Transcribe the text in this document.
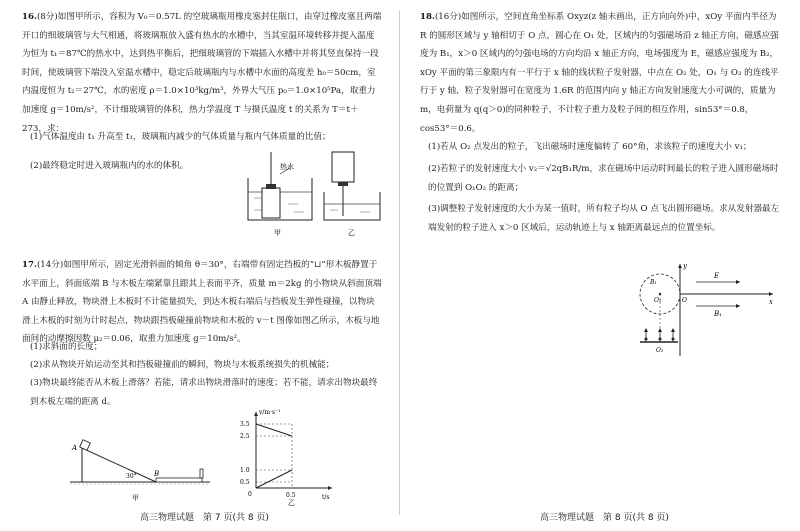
16.(8分)如图甲所示，容积为 V₀＝0.57L 的空玻璃瓶用橡皮塞封住瓶口，由穿过橡皮塞且两端开口的细玻璃管与大气相通，将玻璃瓶放入盛有热水的水槽中，当其室温环境转移并提入温度为恒为 t₁＝87℃的热水中，达到热平衡后，把细玻璃管的下端插入水槽中并将其竖直保持一段时间，使玻璃管下端没入室温水槽中，稳定后玻璃瓶内与水槽中水面的高度差 h₀＝50cm，室内温度恒为 t₂＝27℃，水的密度 ρ＝1.0×10³kg/m³，外界大气压 p₀＝1.0×10⁵Pa，取重力加速度 g＝10m/s²，不计细玻璃管的体积，热力学温度 T 与摄氏温度 t 的关系为 T＝t＋273，求：

(1)气体温度由 t₁ 升高至 t₁，玻璃瓶内减少的气体质量与瓶内气体质量的比值；

(2)最终稳定时进入玻璃瓶内的水的体积。	热水
甲	乙

17.(14分)如图甲所示，固定光滑斜面的倾角 θ＝30°，右端带有固定挡板的“⊔”形木板静置于水平面上，斜面底端 B 与木板左端紧靠且跟其上表面平齐，质量 m＝2kg 的小物块从斜面顶端 A 由静止释放，物块滑上木板时不计能量损失，到达木板右端后与挡板发生弹性碰撞，以物块滑上木板的时刻为计时起点，物块跟挡板碰撞前物块和木板的 v－t 图像如图乙所示，木板与地面间的动摩擦因数 μ₂＝0.06，取重力加速度 g＝10m/s²。

(1)求斜面的长度；

(2)求从物块开始运动至其和挡板碰撞前的瞬间，物块与木板系统损失的机械能；

(3)物块最终能否从木板上滑落？若能，请求出物块滑落时的速度；若不能，请求出物块最终到木板左端的距离 d。

A
B
30°
甲
v/m·s⁻¹
t/s
0
3.5
2.5
1.0
0.5
0.5
乙
高三物理试题　第 7 页(共 8 页)

18.(16分)如图所示，空间直角坐标系 Oxyz(z 轴未画出，正方向向外)中，xOy 平面内半径为 R 的圆形区域与 y 轴相切于 O 点，圆心在 O₁ 处，区域内的匀强磁场沿 z 轴正方向，磁感应强度为 B₁，x＞0 区域内的匀强电场的方向均沿 x 轴正方向，电场强度为 E，磁感应强度为 B₂，xOy 平面的第三象限内有一平行于 x 轴的线状粒子发射器，中点在 O₂ 处，O₁ 与 O₂ 的连线平行于 y 轴，粒子发射器可在宽度为 1.6R 的范围内向 y 轴正方向发射速度大小可调的，质量为 m，电荷量为 q(q＞0)的同种粒子，不计粒子重力及粒子间的相互作用，sin53°＝0.8，cos53°＝0.6。

(1)若从 O₂ 点发出的粒子，飞出磁场时速度偏转了 60°角，求该粒子的速度大小 v₁；

(2)若粒子的发射速度大小 v₂＝√2qB₁R/m，求在磁场中运动时间最长的粒子进入圆形磁场时的位置到 O₁O₂ 的距离；

(3)调整粒子发射速度的大小为某一值时，所有粒子均从 O 点飞出圆形磁场。求从发射器最左端发射的粒子进入 x＞0 区域后，运动轨迹上与 x 轴距离最远点的位置坐标。

y
x
E
B₁
B₁
O
O₁
O₂
高三物理试题　第 8 页(共 8 页)
